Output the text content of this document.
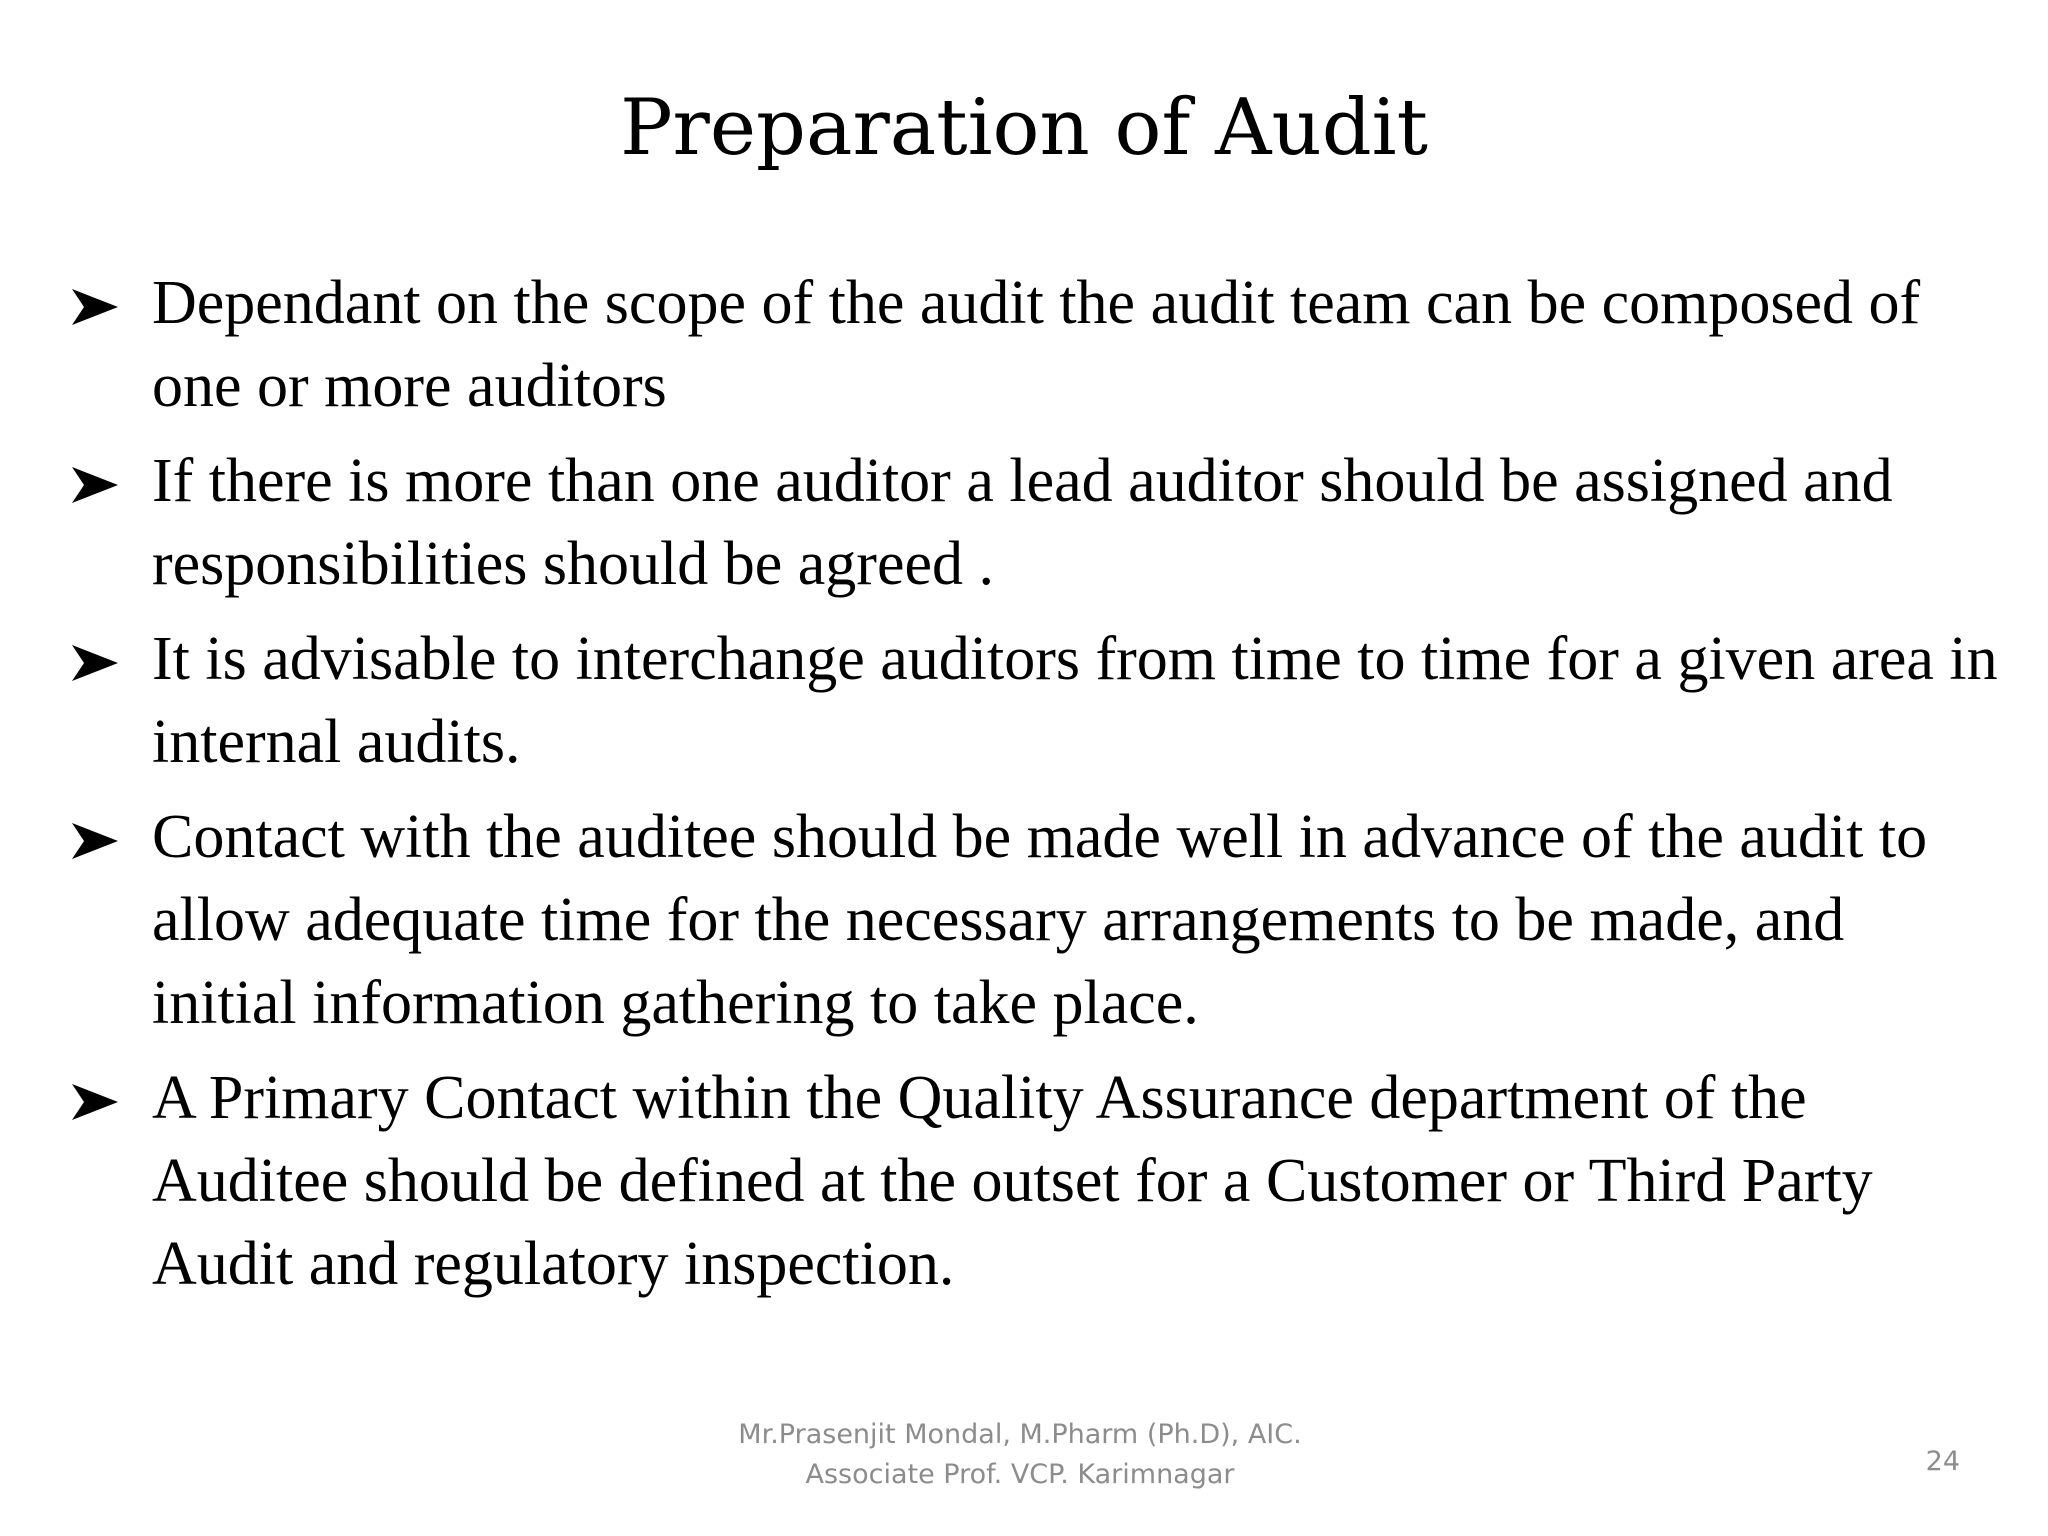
Preparation of Audit
Dependant on the scope of the audit the audit team can be composed of one or more auditors
If there is more than one auditor a lead auditor should be assigned and responsibilities should be agreed .
It is advisable to interchange auditors from time to time for a given area in internal audits.
Contact with the auditee should be made well in advance of the audit to allow adequate time for the necessary arrangements to be made, and initial information gathering to take place.
A Primary Contact within the Quality Assurance department of the Auditee should be defined at the outset for a Customer or Third Party Audit and regulatory inspection.
Mr.Prasenjit Mondal, M.Pharm (Ph.D), AIC.
Associate Prof. VCP. Karimnagar	24
